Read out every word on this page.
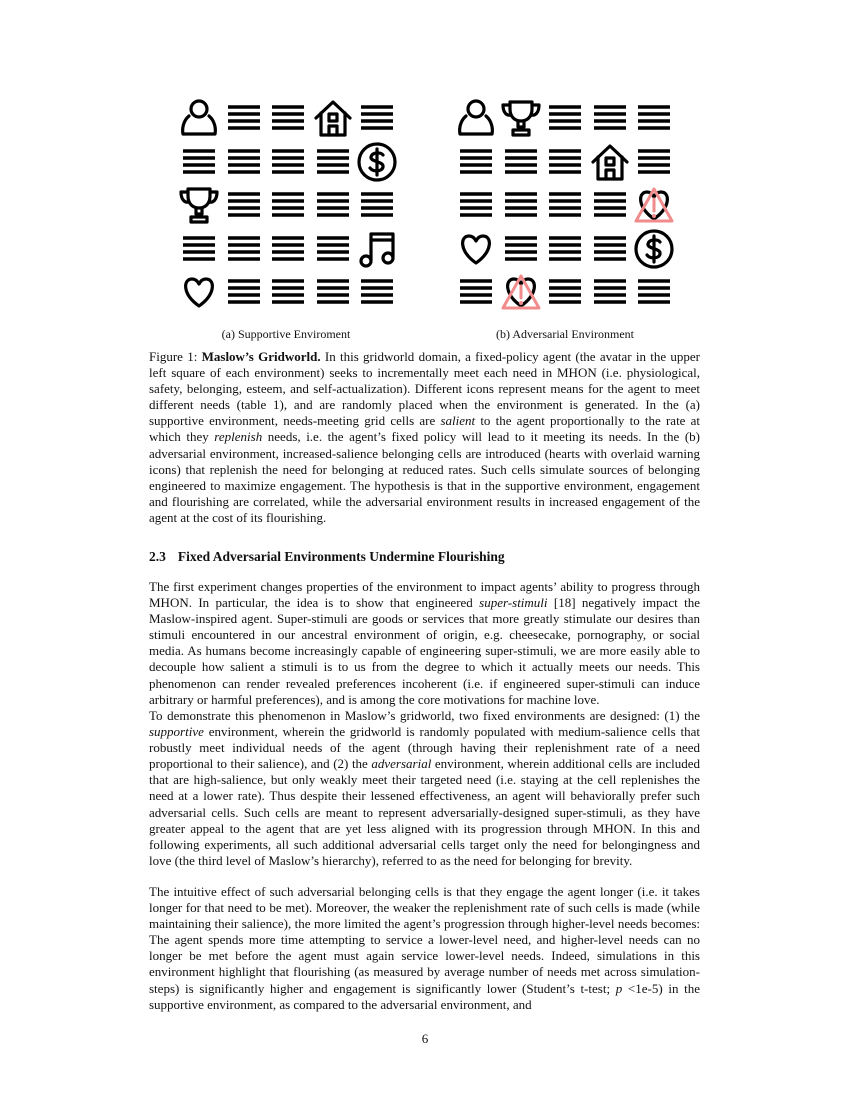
(a) Supportive Enviroment	(b) Adversarial Environment
Figure 1: Maslow’s Gridworld. In this gridworld domain, a fixed-policy agent (the avatar in the upper left square of each environment) seeks to incrementally meet each need in MHON (i.e. physiological, safety, belonging, esteem, and self-actualization). Different icons represent means for the agent to meet different needs (table 1), and are randomly placed when the environment is generated. In the (a) supportive environment, needs-meeting grid cells are salient to the agent proportionally to the rate at which they replenish needs, i.e. the agent’s fixed policy will lead to it meeting its needs. In the (b) adversarial environment, increased-salience belonging cells are introduced (hearts with overlaid warning icons) that replenish the need for belonging at reduced rates. Such cells simulate sources of belonging engineered to maximize engagement. The hypothesis is that in the supportive environment, engagement and flourishing are correlated, while the adversarial environment results in increased engagement of the agent at the cost of its flourishing.
2.3 Fixed Adversarial Environments Undermine Flourishing

The first experiment changes properties of the environment to impact agents’ ability to progress through MHON. In particular, the idea is to show that engineered super-stimuli [18] negatively impact the Maslow-inspired agent. Super-stimuli are goods or services that more greatly stimulate our desires than stimuli encountered in our ancestral environment of origin, e.g. cheesecake, pornography, or social media. As humans become increasingly capable of engineering super-stimuli, we are more easily able to decouple how salient a stimuli is to us from the degree to which it actually meets our needs. This phenomenon can render revealed preferences incoherent (i.e. if engineered super-stimuli can induce arbitrary or harmful preferences), and is among the core motivations for machine love.

To demonstrate this phenomenon in Maslow’s gridworld, two fixed environments are designed: (1) the supportive environment, wherein the gridworld is randomly populated with medium-salience cells that robustly meet individual needs of the agent (through having their replenishment rate of a need proportional to their salience), and (2) the adversarial environment, wherein additional cells are included that are high-salience, but only weakly meet their targeted need (i.e. staying at the cell replenishes the need at a lower rate). Thus despite their lessened effectiveness, an agent will behaviorally prefer such adversarial cells. Such cells are meant to represent adversarially-designed super-stimuli, as they have greater appeal to the agent that are yet less aligned with its progression through MHON. In this and following experiments, all such additional adversarial cells target only the need for belongingness and love (the third level of Maslow’s hierarchy), referred to as the need for belonging for brevity.

The intuitive effect of such adversarial belonging cells is that they engage the agent longer (i.e. it takes longer for that need to be met). Moreover, the weaker the replenishment rate of such cells is made (while maintaining their salience), the more limited the agent’s progression through higher-level needs becomes: The agent spends more time attempting to service a lower-level need, and higher-level needs can no longer be met before the agent must again service lower-level needs. Indeed, simulations in this environment highlight that flourishing (as measured by average number of needs met across simulation-steps) is significantly higher and engagement is significantly lower (Student’s t-test; p <1e-5) in the supportive environment, as compared to the adversarial environment, and

6
